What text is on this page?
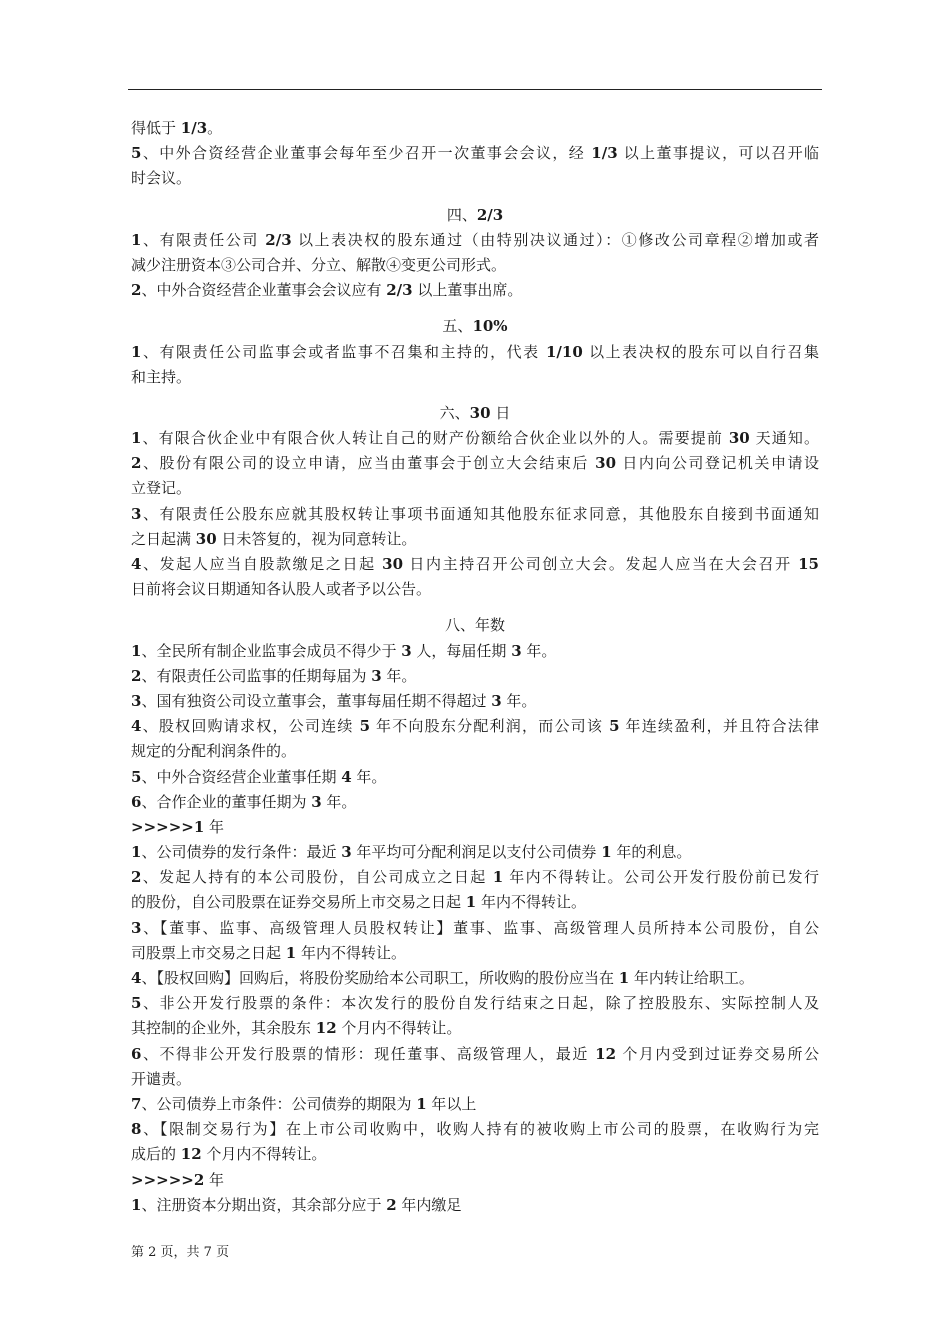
得低于 1/3。
5、中外合资经营企业董事会每年至少召开一次董事会会议，经 1/3 以上董事提议，可以召开临
时会议。
四、2/3
1、有限责任公司 2/3 以上表决权的股东通过（由特别决议通过）：①修改公司章程②增加或者
减少注册资本③公司合并、分立、解散④变更公司形式。
2、中外合资经营企业董事会会议应有 2/3 以上董事出席。
五、10%
1、有限责任公司监事会或者监事不召集和主持的，代表 1/10 以上表决权的股东可以自行召集
和主持。
六、30 日
1、有限合伙企业中有限合伙人转让自己的财产份额给合伙企业以外的人。需要提前 30 天通知。
2、股份有限公司的设立申请，应当由董事会于创立大会结束后 30 日内向公司登记机关申请设
立登记。
3、有限责任公股东应就其股权转让事项书面通知其他股东征求同意，其他股东自接到书面通知
之日起满 30 日未答复的，视为同意转让。
4、发起人应当自股款缴足之日起 30 日内主持召开公司创立大会。发起人应当在大会召开 15
日前将会议日期通知各认股人或者予以公告。
八、年数
1、全民所有制企业监事会成员不得少于 3 人，每届任期 3 年。
2、有限责任公司监事的任期每届为 3 年。
3、国有独资公司设立董事会，董事每届任期不得超过 3 年。
4、股权回购请求权，公司连续 5 年不向股东分配利润，而公司该 5 年连续盈利，并且符合法律
规定的分配利润条件的。
5、中外合资经营企业董事任期 4 年。
6、合作企业的董事任期为 3 年。
>>>>>1 年
1、公司债券的发行条件：最近 3 年平均可分配利润足以支付公司债券 1 年的利息。
2、发起人持有的本公司股份，自公司成立之日起 1 年内不得转让。公司公开发行股份前已发行
的股份，自公司股票在证券交易所上市交易之日起 1 年内不得转让。
3、【董事、监事、高级管理人员股权转让】董事、监事、高级管理人员所持本公司股份，自公
司股票上市交易之日起 1 年内不得转让。
4、【股权回购】回购后，将股份奖励给本公司职工，所收购的股份应当在 1 年内转让给职工。
5、非公开发行股票的条件：本次发行的股份自发行结束之日起，除了控股股东、实际控制人及
其控制的企业外，其余股东 12 个月内不得转让。
6、不得非公开发行股票的情形：现任董事、高级管理人，最近 12 个月内受到过证券交易所公
开谴责。
7、公司债券上市条件：公司债券的期限为 1 年以上
8、【限制交易行为】在上市公司收购中，收购人持有的被收购上市公司的股票，在收购行为完
成后的 12 个月内不得转让。
>>>>>2 年
1、注册资本分期出资，其余部分应于 2 年内缴足
第 2 页，共 7 页
